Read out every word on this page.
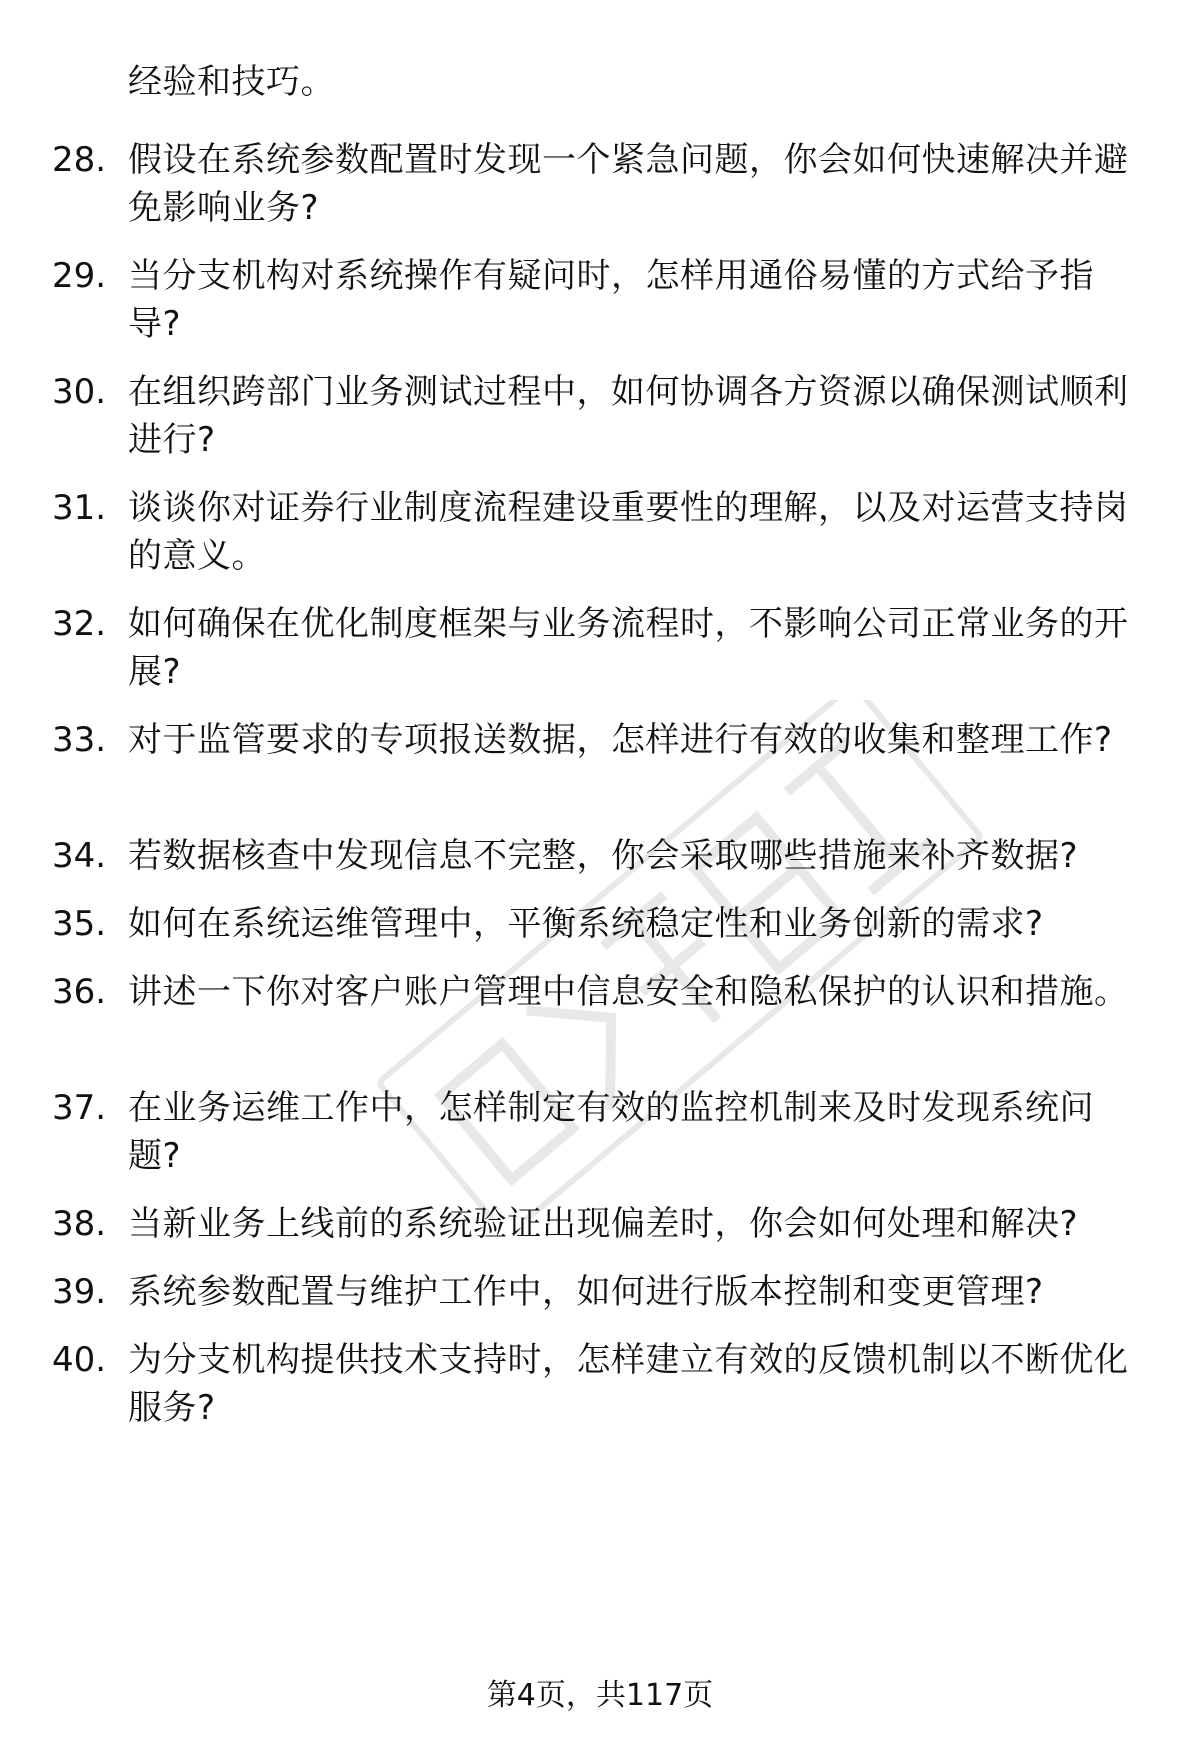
经验和技巧。
28. 假设在系统参数配置时发现一个紧急问题，你会如何快速解决并避免影响业务?
29. 当分支机构对系统操作有疑问时，怎样用通俗易懂的方式给予指导?
30. 在组织跨部门业务测试过程中，如何协调各方资源以确保测试顺利进行?
31. 谈谈你对证券行业制度流程建设重要性的理解，以及对运营支持岗的意义。
32. 如何确保在优化制度框架与业务流程时，不影响公司正常业务的开展?
33. 对于监管要求的专项报送数据，怎样进行有效的收集和整理工作?
34. 若数据核查中发现信息不完整，你会采取哪些措施来补齐数据?
35. 如何在系统运维管理中，平衡系统稳定性和业务创新的需求?
36. 讲述一下你对客户账户管理中信息安全和隐私保护的认识和措施。
37. 在业务运维工作中，怎样制定有效的监控机制来及时发现系统问题?
38. 当新业务上线前的系统验证出现偏差时，你会如何处理和解决?
39. 系统参数配置与维护工作中，如何进行版本控制和变更管理?
40. 为分支机构提供技术支持时，怎样建立有效的反馈机制以不断优化服务?
第4页，共117页
